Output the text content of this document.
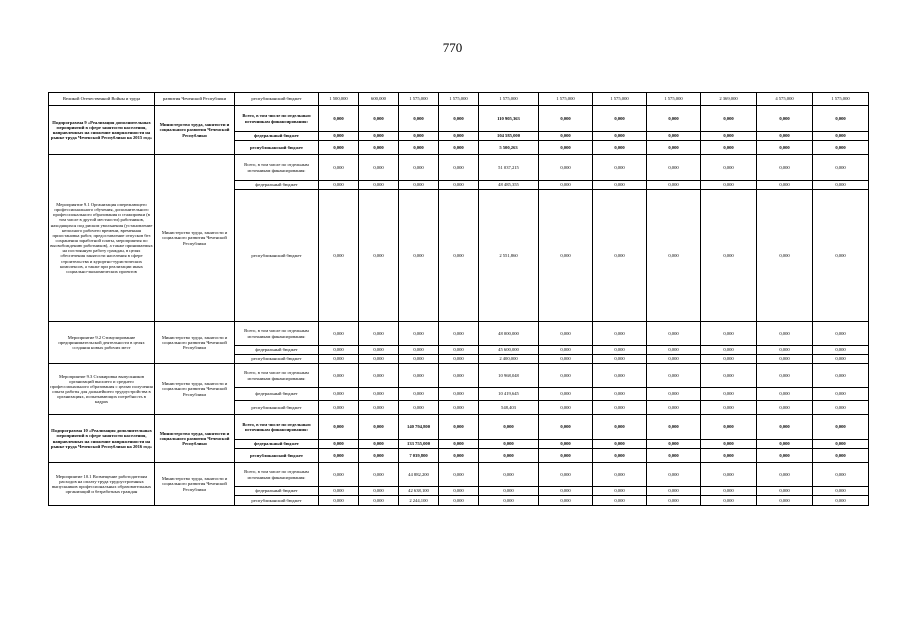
770
Великой Отечественной Войны и труда	развития Чеченской Республики	республиканский бюджет	1 500,000	600,000	1 575,000	1 575,000	1 575,000	1 575,000	1 575,000	1 575,000	2 369,000	4 575,000	1 575,000
Подпрограмма 9 «Реализация дополнительных мероприятий в сфере занятости населения, направленных на снижение напряженности на рынке труда Чеченской Республики на 2015 год»	Министерство труда, занятости и социального развития Чеченской Республики	Всего, в том числе по отдельным источникам финансирования:	0,000	0,000	0,000	0,000	110 905,363	0,000	0,000	0,000	0,000	0,000	0,000
		федеральный бюджет	0,000	0,000	0,000	0,000	104 585,000	0,000	0,000	0,000	0,000	0,000	0,000
		республиканский бюджет	0,000	0,000	0,000	0,000	5 500,263	0,000	0,000	0,000	0,000	0,000	0,000
Мероприятие 9.1 Организация опережающего профессионального обучения, дополнительного профессионального образования и стажировки (в том числе в другой местности) работников, находящихся под риском увольнения (установление неполного рабочего времени, временная приостановка работ, предоставление отпусков без сохранения заработной платы, мероприятия по высвобождению работников), а также принимаемых на постоянную работу граждан, в целях обеспечения занятости населения в сфере строительства и курортно-туристических комплексов, а также при реализации иных социально-экономических проектов	Министерство труда, занятости и социального развития Чеченской Республики	Всего, в том числе по отдельным источникам финансирования:	0,000	0,000	0,000	0,000	51 037,215	0,000	0,000	0,000	0,000	0,000	0,000
		федеральный бюджет	0,000	0,000	0,000	0,000	48 485,355	0,000	0,000	0,000	0,000	0,000	0,000
		республиканский бюджет	0,000	0,000	0,000	0,000	2 551,860	0,000	0,000	0,000	0,000	0,000	0,000
Мероприятие 9.2 Стимулирование предпринимательской деятельности в целях создания новых рабочих мест	Министерство труда, занятости и социального развития Чеченской Республики	Всего, в том числе по отдельным источникам финансирования:	0,000	0,000	0,000	0,000	48 000,000	0,000	0,000	0,000	0,000	0,000	0,000
		федеральный бюджет	0,000	0,000	0,000	0,000	45 600,000	0,000	0,000	0,000	0,000	0,000	0,000
		республиканский бюджет	0,000	0,000	0,000	0,000	2 400,000	0,000	0,000	0,000	0,000	0,000	0,000
Мероприятие 9.3 Стажировка выпускников организаций высшего и среднего профессионального образования с целью получения опыта работы для дальнейшего трудоустройства в организациях, испытывающих потребность в кадрах	Министерство труда, занятости и социального развития Чеченской Республики	Всего, в том числе по отдельным источникам финансирования:	0,000	0,000	0,000	0,000	10 968,048	0,000	0,000	0,000	0,000	0,000	0,000
		федеральный бюджет	0,000	0,000	0,000	0,000	10 419,645	0,000	0,000	0,000	0,000	0,000	0,000
		республиканский бюджет	0,000	0,000	0,000	0,000	548,403	0,000	0,000	0,000	0,000	0,000	0,000
Подпрограмма 10 «Реализация дополнительных мероприятий в сфере занятости населения, направленных на снижение напряженности на рынке труда Чеченской Республики на 2016 год»	Министерство труда, занятости и социального развития Чеченской Республики	Всего, в том числе по отдельным источникам финансирования:	0,000	0,000	140 794,800	0,000	0,000	0,000	0,000	0,000	0,000	0,000	0,000
		федеральный бюджет	0,000	0,000	133 755,000	0,000	0,000	0,000	0,000	0,000	0,000	0,000	0,000
		республиканский бюджет	0,000	0,000	7 039,800	0,000	0,000	0,000	0,000	0,000	0,000	0,000	0,000
Мероприятие 10.1 Возмещение работодателям расходов на оплату труда трудоустроенных выпускников профессиональных образовательных организаций и безработных граждан	Министерство труда, занятости и социального развития Чеченской Республики	Всего, в том числе по отдельным источникам финансирования:	0,000	0,000	44 882,200	0,000	0,000	0,000	0,000	0,000	0,000	0,000	0,000
		федеральный бюджет	0,000	0,000	42 638,100	0,000	0,000	0,000	0,000	0,000	0,000	0,000	0,000
		республиканский бюджет	0,000	0,000	2 244,100	0,000	0,000	0,000	0,000	0,000	0,000	0,000	0,000
